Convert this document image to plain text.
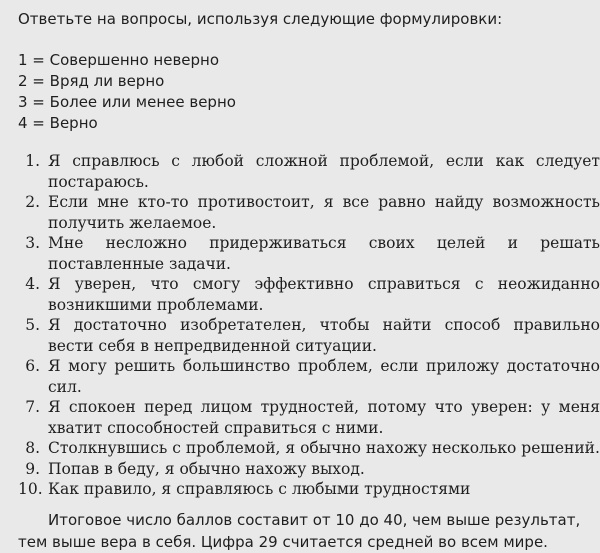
Ответьте на вопросы, используя следующие формулировки:

1 = Совершенно неверно
2 = Вряд ли верно
3 = Более или менее верно
4 = Верно
1. Я справлюсь с любой сложной проблемой, если как следует постараюсь.
2. Если мне кто-то противостоит, я все равно найду возможность получить желаемое.
3. Мне несложно придерживаться своих целей и решать поставленные задачи.
4. Я уверен, что смогу эффективно справиться с неожиданно возникшими проблемами.
5. Я достаточно изобретателен, чтобы найти способ правильно вести себя в непредвиденной ситуации.
6. Я могу решить большинство проблем, если приложу достаточно сил.
7. Я спокоен перед лицом трудностей, потому что уверен: у меня хватит способностей справиться с ними.
8. Столкнувшись с проблемой, я обычно нахожу несколько решений.
9. Попав в беду, я обычно нахожу выход.
10. Как правило, я справляюсь с любыми трудностями

Итоговое число баллов составит от 10 до 40, чем выше результат, тем выше вера в себя. Цифра 29 считается средней во всем мире.
